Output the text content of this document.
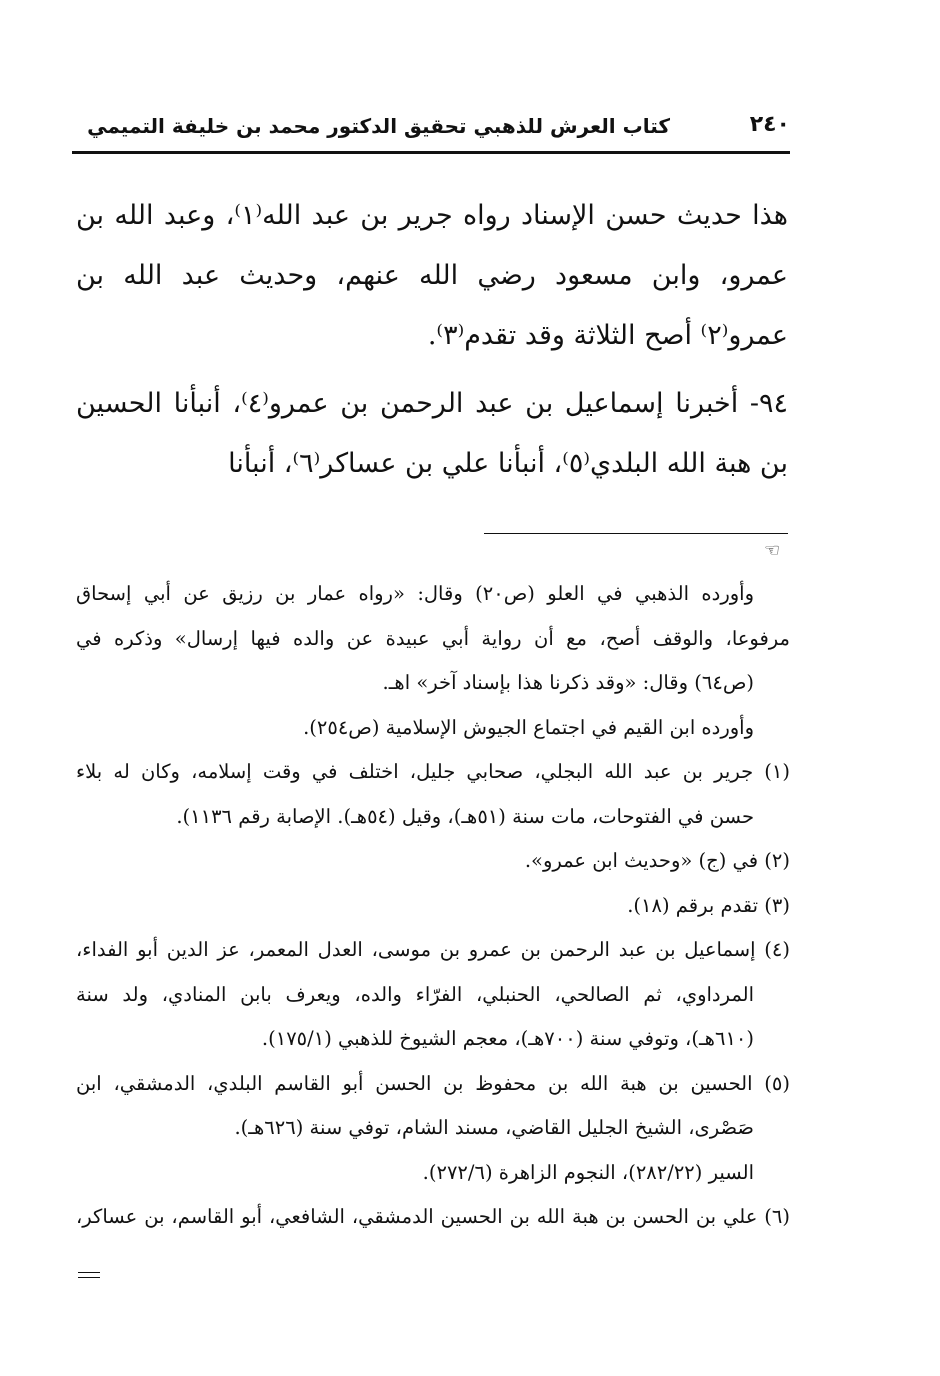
٢٤٠
كتاب العرش للذهبي تحقيق الدكتور محمد بن خليفة التميمي

هذا حديث حسن الإسناد رواه جرير بن عبد الله⁽١⁾، وعبد الله بن عمرو، وابن مسعود رضي الله عنهم، وحديث عبد الله بن عمرو⁽٢⁾ أصح الثلاثة وقد تقدم⁽٣⁾.

٩٤- أخبرنا إسماعيل بن عبد الرحمن بن عمرو⁽٤⁾، أنبأنا الحسين بن هبة الله البلدي⁽٥⁾، أنبأنا علي بن عساكر⁽٦⁾، أنبأنا

☜
وأورده الذهبي في العلو (ص٢٠) وقال: «رواه عمار بن رزيق عن أبي إسحاق
مرفوعا، والوقف أصح، مع أن رواية أبي عبيدة عن والده فيها إرسال» وذكره في
(ص٦٤) وقال: «وقد ذكرنا هذا بإسناد آخر» اهـ.
وأورده ابن القيم في اجتماع الجيوش الإسلامية (ص٢٥٤).
(١) جرير بن عبد الله البجلي، صحابي جليل، اختلف في وقت إسلامه، وكان له بلاء
حسن في الفتوحات، مات سنة (٥١هـ)، وقيل (٥٤هـ). الإصابة رقم ١١٣٦).
(٢) في (ج) «وحديث ابن عمرو».
(٣) تقدم برقم (١٨).
(٤) إسماعيل بن عبد الرحمن بن عمرو بن موسى، العدل المعمر، عز الدين أبو الفداء،
المرداوي، ثم الصالحي، الحنبلي، الفرّاء والده، ويعرف بابن المنادي، ولد سنة
(٦١٠هـ)، وتوفي سنة (٧٠٠هـ)، معجم الشيوخ للذهبي (١٧٥/١).
(٥) الحسين بن هبة الله بن محفوظ بن الحسن أبو القاسم البلدي، الدمشقي، ابن
صَصْرى، الشيخ الجليل القاضي، مسند الشام، توفي سنة (٦٢٦هـ).
السير (٢٨٢/٢٢)، النجوم الزاهرة (٢٧٢/٦).
(٦) علي بن الحسن بن هبة الله بن الحسين الدمشقي، الشافعي، أبو القاسم، بن عساكر،
